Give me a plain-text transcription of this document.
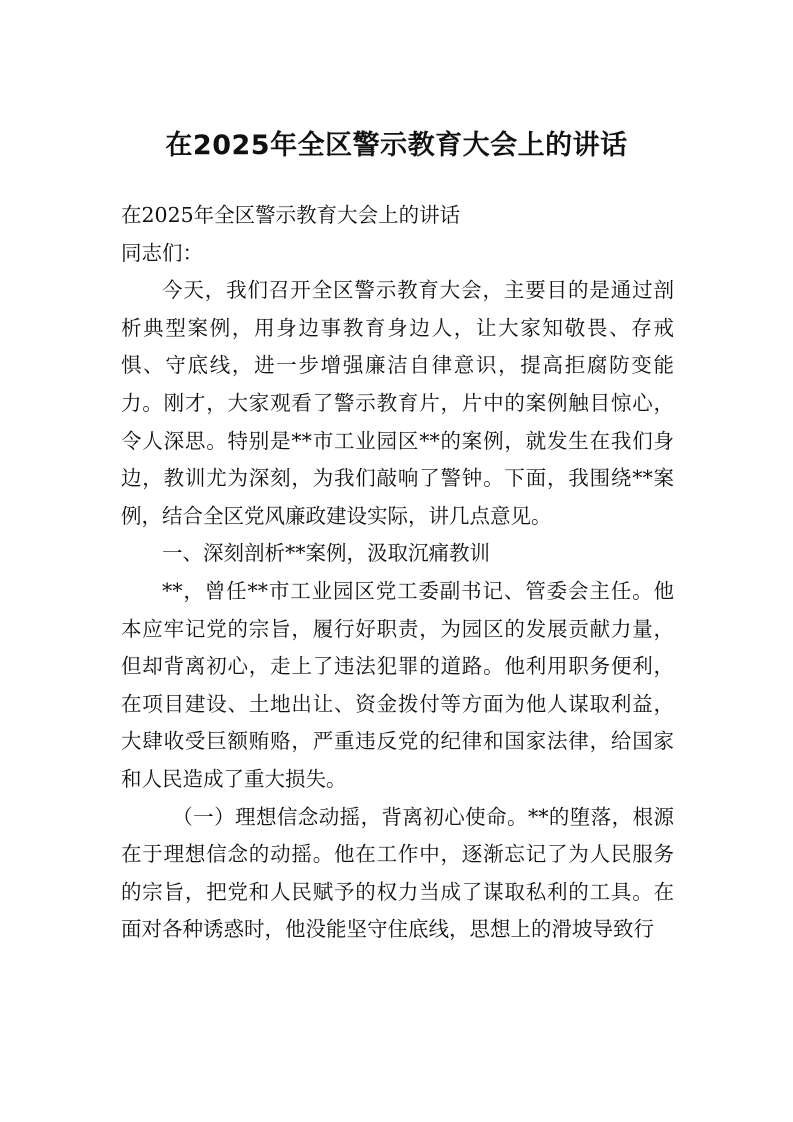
在2025年全区警示教育大会上的讲话

在2025年全区警示教育大会上的讲话

同志们：

今天，我们召开全区警示教育大会，主要目的是通过剖析典型案例，用身边事教育身边人，让大家知敬畏、存戒惧、守底线，进一步增强廉洁自律意识，提高拒腐防变能力。刚才，大家观看了警示教育片，片中的案例触目惊心，令人深思。特别是**市工业园区**的案例，就发生在我们身边，教训尤为深刻，为我们敲响了警钟。下面，我围绕**案例，结合全区党风廉政建设实际，讲几点意见。

一、深刻剖析**案例，汲取沉痛教训

**，曾任**市工业园区党工委副书记、管委会主任。他本应牢记党的宗旨，履行好职责，为园区的发展贡献力量，但却背离初心，走上了违法犯罪的道路。他利用职务便利，在项目建设、土地出让、资金拨付等方面为他人谋取利益，大肆收受巨额贿赂，严重违反党的纪律和国家法律，给国家和人民造成了重大损失。

（一）理想信念动摇，背离初心使命。**的堕落，根源在于理想信念的动摇。他在工作中，逐渐忘记了为人民服务的宗旨，把党和人民赋予的权力当成了谋取私利的工具。在面对各种诱惑时，他没能坚守住底线，思想上的滑坡导致行
